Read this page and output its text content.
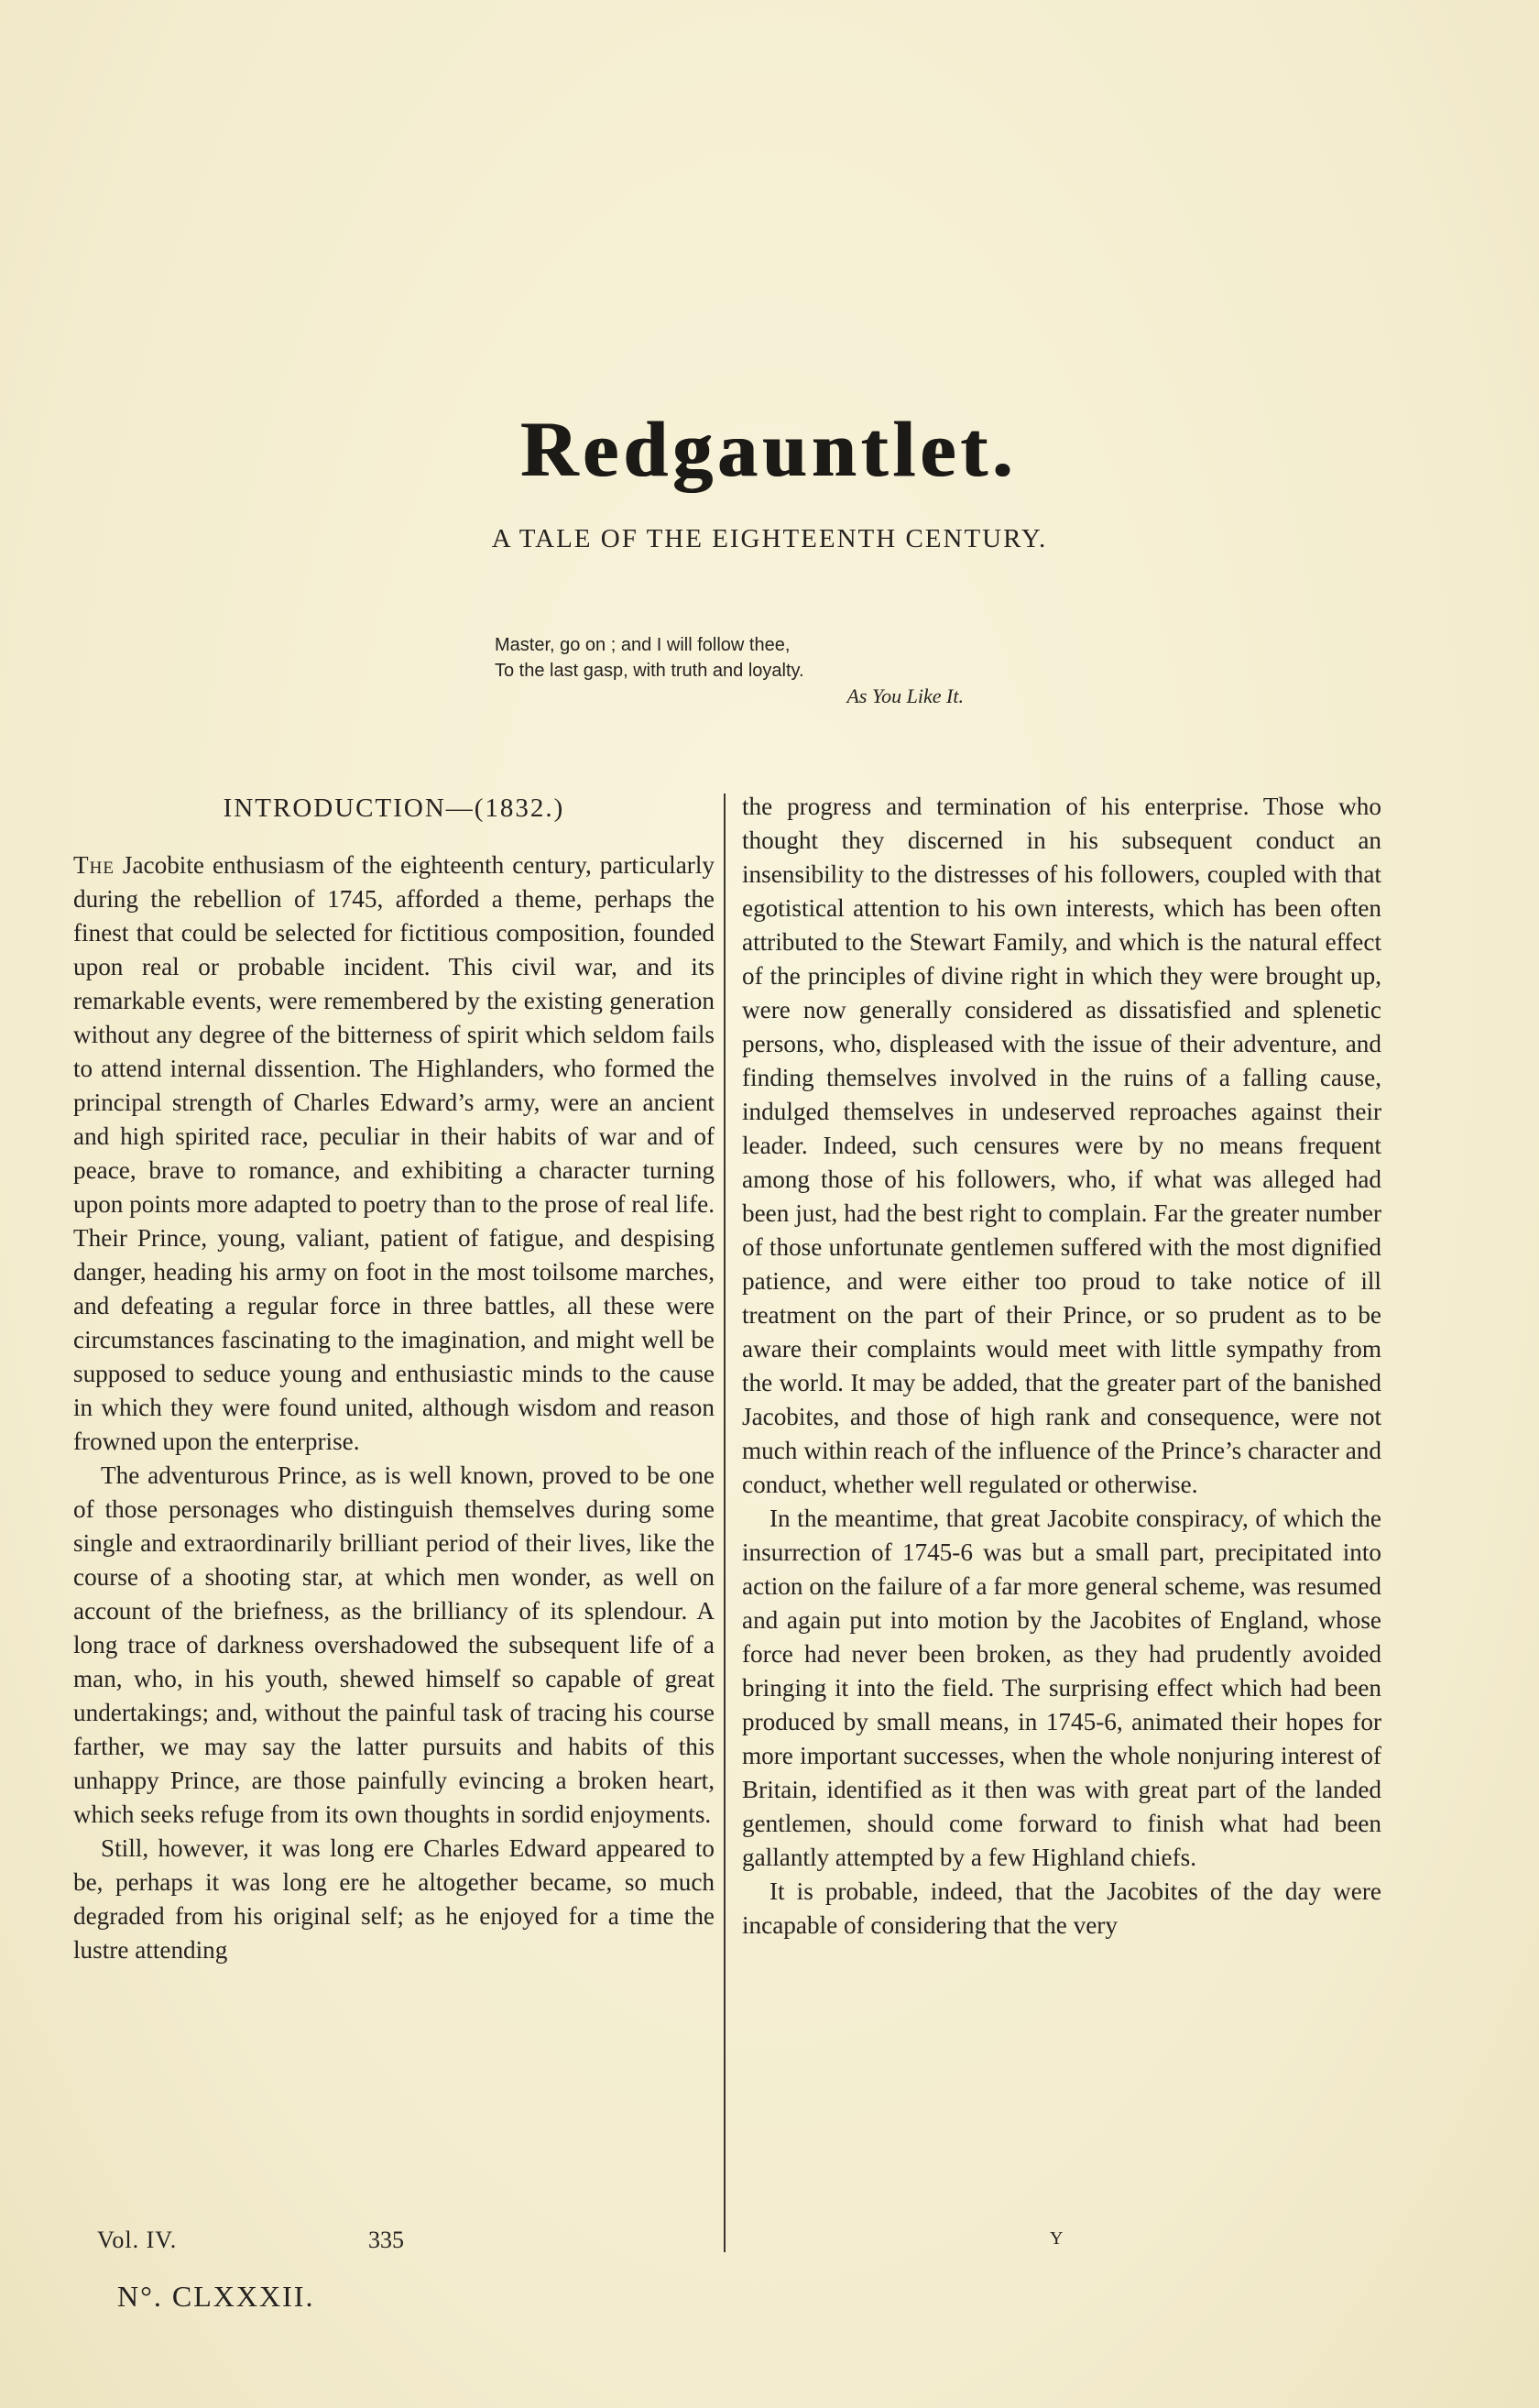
Redgauntlet.
A TALE OF THE EIGHTEENTH CENTURY.
Master, go on ; and I will follow thee,
To the last gasp, with truth and loyalty.
As You Like It.
INTRODUCTION—(1832.)

The Jacobite enthusiasm of the eighteenth century, particularly during the rebellion of 1745, afforded a theme, perhaps the finest that could be selected for fictitious composition, founded upon real or probable incident. This civil war, and its remarkable events, were remembered by the existing generation without any degree of the bitterness of spirit which seldom fails to attend internal dissention. The Highlanders, who formed the principal strength of Charles Edward’s army, were an ancient and high spirited race, peculiar in their habits of war and of peace, brave to romance, and exhibiting a character turning upon points more adapted to poetry than to the prose of real life. Their Prince, young, valiant, patient of fatigue, and despising danger, heading his army on foot in the most toilsome marches, and defeating a regular force in three battles, all these were circumstances fascinating to the imagination, and might well be supposed to seduce young and enthusiastic minds to the cause in which they were found united, although wisdom and reason frowned upon the enterprise.

The adventurous Prince, as is well known, proved to be one of those personages who distinguish themselves during some single and extraordinarily brilliant period of their lives, like the course of a shooting star, at which men wonder, as well on account of the briefness, as the brilliancy of its splendour. A long trace of darkness overshadowed the subsequent life of a man, who, in his youth, shewed himself so capable of great undertakings; and, without the painful task of tracing his course farther, we may say the latter pursuits and habits of this unhappy Prince, are those painfully evincing a broken heart, which seeks refuge from its own thoughts in sordid enjoyments.

Still, however, it was long ere Charles Edward appeared to be, perhaps it was long ere he altogether became, so much degraded from his original self; as he enjoyed for a time the lustre attending

the progress and termination of his enterprise. Those who thought they discerned in his subsequent conduct an insensibility to the distresses of his followers, coupled with that egotistical attention to his own interests, which has been often attributed to the Stewart Family, and which is the natural effect of the principles of divine right in which they were brought up, were now generally considered as dissatisfied and splenetic persons, who, displeased with the issue of their adventure, and finding themselves involved in the ruins of a falling cause, indulged themselves in undeserved reproaches against their leader. Indeed, such censures were by no means frequent among those of his followers, who, if what was alleged had been just, had the best right to complain. Far the greater number of those unfortunate gentlemen suffered with the most dignified patience, and were either too proud to take notice of ill treatment on the part of their Prince, or so prudent as to be aware their complaints would meet with little sympathy from the world. It may be added, that the greater part of the banished Jacobites, and those of high rank and consequence, were not much within reach of the influence of the Prince’s character and conduct, whether well regulated or otherwise.

In the meantime, that great Jacobite conspiracy, of which the insurrection of 1745-6 was but a small part, precipitated into action on the failure of a far more general scheme, was resumed and again put into motion by the Jacobites of England, whose force had never been broken, as they had prudently avoided bringing it into the field. The surprising effect which had been produced by small means, in 1745-6, animated their hopes for more important successes, when the whole nonjuring interest of Britain, identified as it then was with great part of the landed gentlemen, should come forward to finish what had been gallantly attempted by a few Highland chiefs.

It is probable, indeed, that the Jacobites of the day were incapable of considering that the very

Vol. IV.	335	Y
N°. CLXXXII.
